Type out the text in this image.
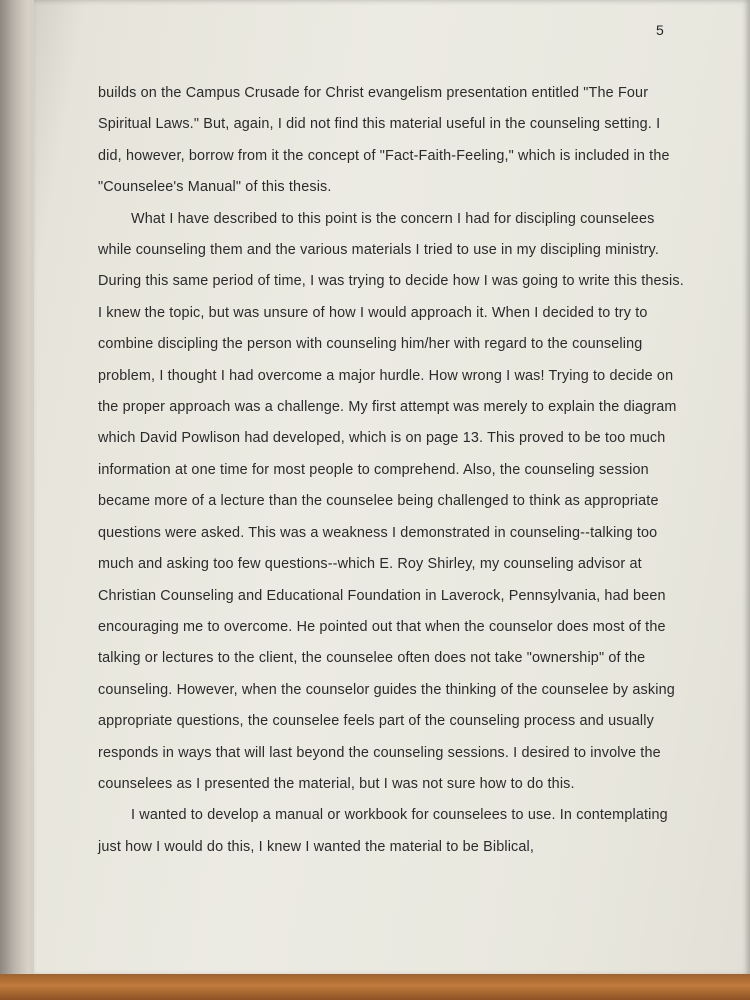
5

builds on the Campus Crusade for Christ evangelism presentation entitled "The Four Spiritual Laws." But, again, I did not find this material useful in the counseling setting. I did, however, borrow from it the concept of "Fact-Faith-Feeling," which is included in the "Counselee's Manual" of this thesis.

What I have described to this point is the concern I had for discipling counselees while counseling them and the various materials I tried to use in my discipling ministry. During this same period of time, I was trying to decide how I was going to write this thesis. I knew the topic, but was unsure of how I would approach it. When I decided to try to combine discipling the person with counseling him/her with regard to the counseling problem, I thought I had overcome a major hurdle. How wrong I was! Trying to decide on the proper approach was a challenge. My first attempt was merely to explain the diagram which David Powlison had developed, which is on page 13. This proved to be too much information at one time for most people to comprehend. Also, the counseling session became more of a lecture than the counselee being challenged to think as appropriate questions were asked. This was a weakness I demonstrated in counseling--talking too much and asking too few questions--which E. Roy Shirley, my counseling advisor at Christian Counseling and Educational Foundation in Laverock, Pennsylvania, had been encouraging me to overcome. He pointed out that when the counselor does most of the talking or lectures to the client, the counselee often does not take "ownership" of the counseling. However, when the counselor guides the thinking of the counselee by asking appropriate questions, the counselee feels part of the counseling process and usually responds in ways that will last beyond the counseling sessions. I desired to involve the counselees as I presented the material, but I was not sure how to do this.

I wanted to develop a manual or workbook for counselees to use. In contemplating just how I would do this, I knew I wanted the material to be Biblical,
